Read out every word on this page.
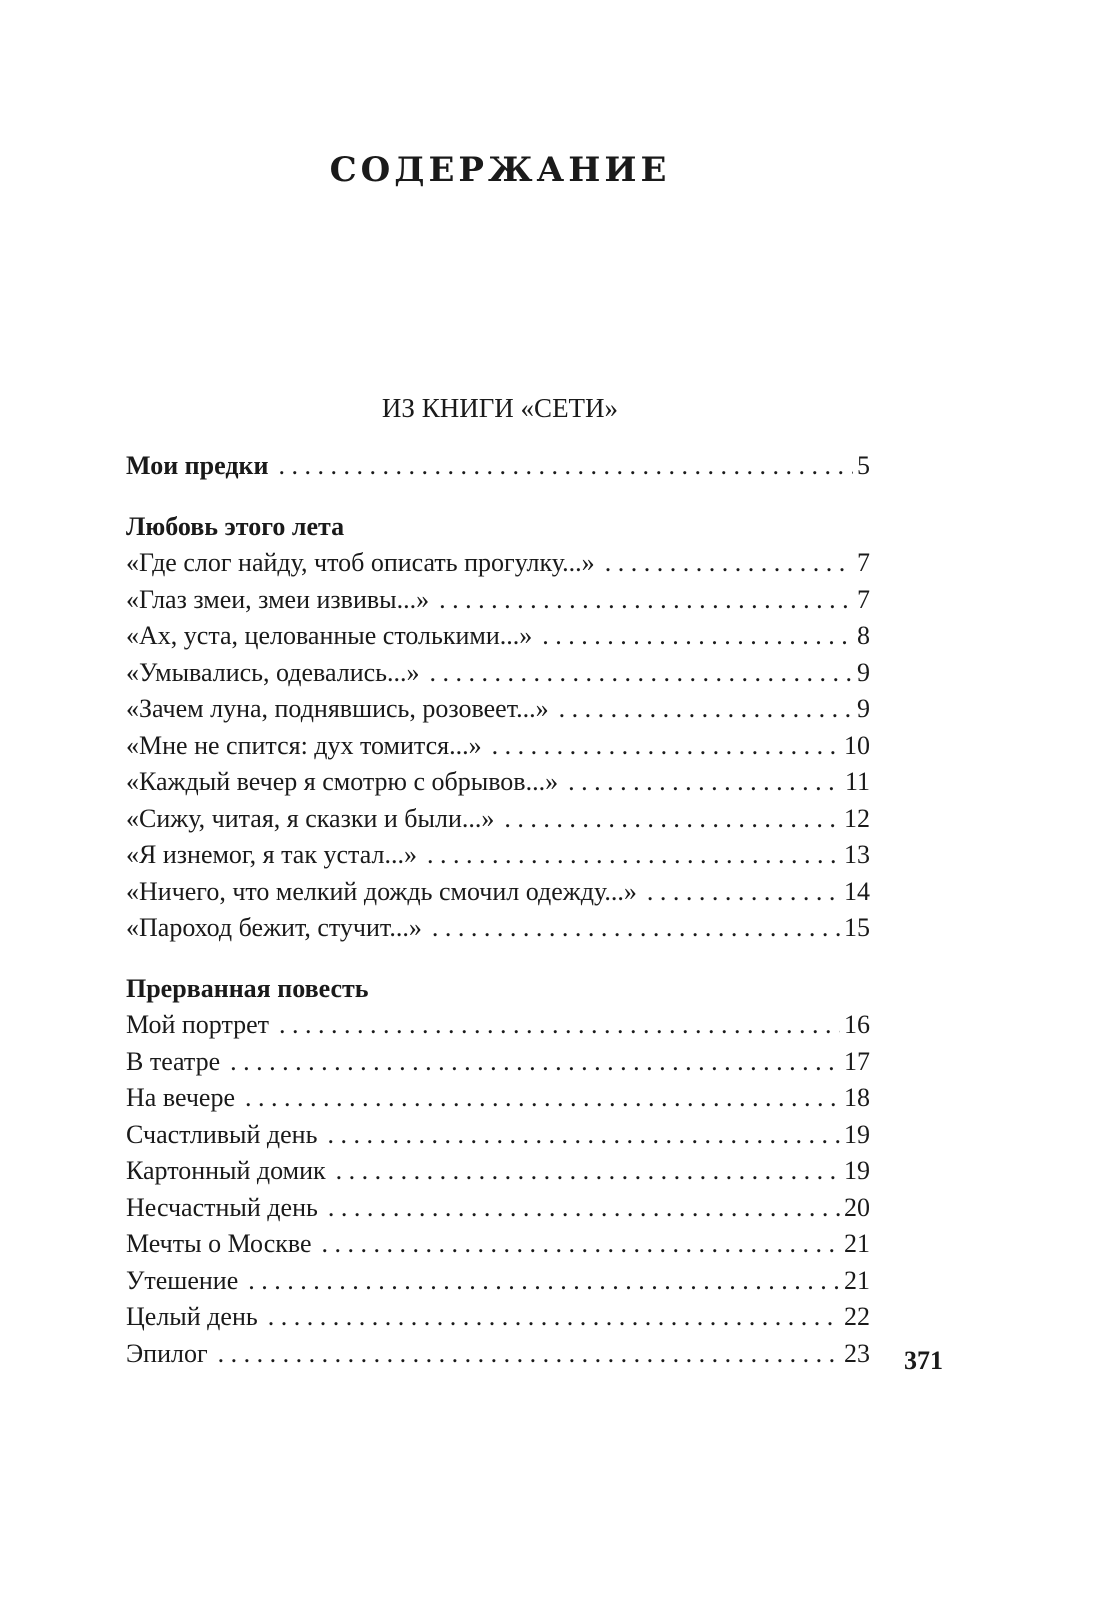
СОДЕРЖАНИЕ
ИЗ КНИГИ «СЕТИ»
Мои предки . . .	5
Любовь этого лета
«Где слог найду, чтоб описать прогулку...» . . .	7
«Глаз змеи, змеи извивы...» . . .	7
«Ах, уста, целованные столькими...» . . .	8
«Умывались, одевались...» . . .	9
«Зачем луна, поднявшись, розовеет...» . . .	9
«Мне не спится: дух томится...» . . .	10
«Каждый вечер я смотрю с обрывов...» . . .	11
«Сижу, читая, я сказки и были...» . . .	12
«Я изнемог, я так устал...» . . .	13
«Ничего, что мелкий дождь смочил одежду...» . . .	14
«Пароход бежит, стучит...» . . .	15
Прерванная повесть
Мой портрет . . .	16
В театре . . .	17
На вечере . . .	18
Счастливый день . . .	19
Картонный домик . . .	19
Несчастный день . . .	20
Мечты о Москве . . .	21
Утешение . . .	21
Целый день . . .	22
Эпилог . . .	23 371
